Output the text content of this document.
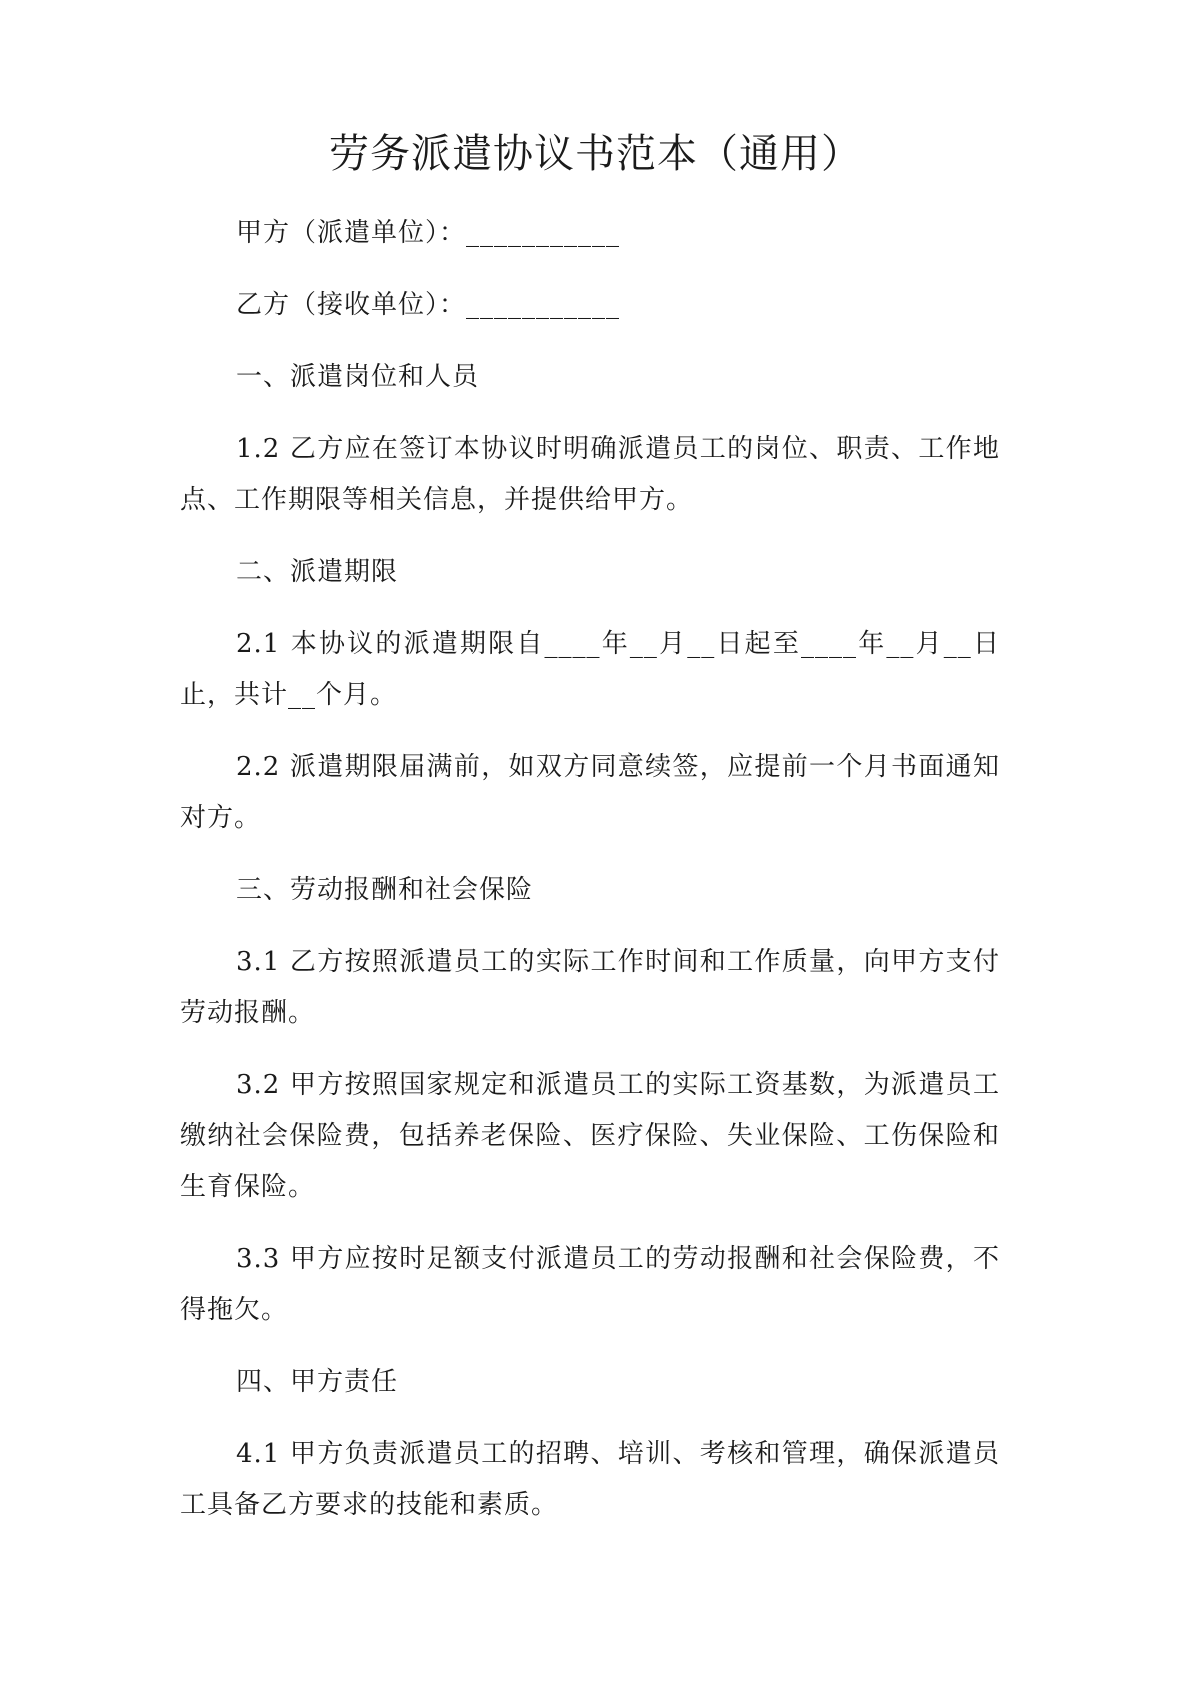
劳务派遣协议书范本（通用）

甲方（派遣单位）：___________

乙方（接收单位）：___________

一、派遣岗位和人员

1.2 乙方应在签订本协议时明确派遣员工的岗位、职责、工作地点、工作期限等相关信息，并提供给甲方。

二、派遣期限

2.1 本协议的派遣期限自____年__月__日起至____年__月__日止，共计__个月。

2.2 派遣期限届满前，如双方同意续签，应提前一个月书面通知对方。

三、劳动报酬和社会保险

3.1 乙方按照派遣员工的实际工作时间和工作质量，向甲方支付劳动报酬。

3.2 甲方按照国家规定和派遣员工的实际工资基数，为派遣员工缴纳社会保险费，包括养老保险、医疗保险、失业保险、工伤保险和生育保险。

3.3 甲方应按时足额支付派遣员工的劳动报酬和社会保险费，不得拖欠。

四、甲方责任

4.1 甲方负责派遣员工的招聘、培训、考核和管理，确保派遣员工具备乙方要求的技能和素质。
